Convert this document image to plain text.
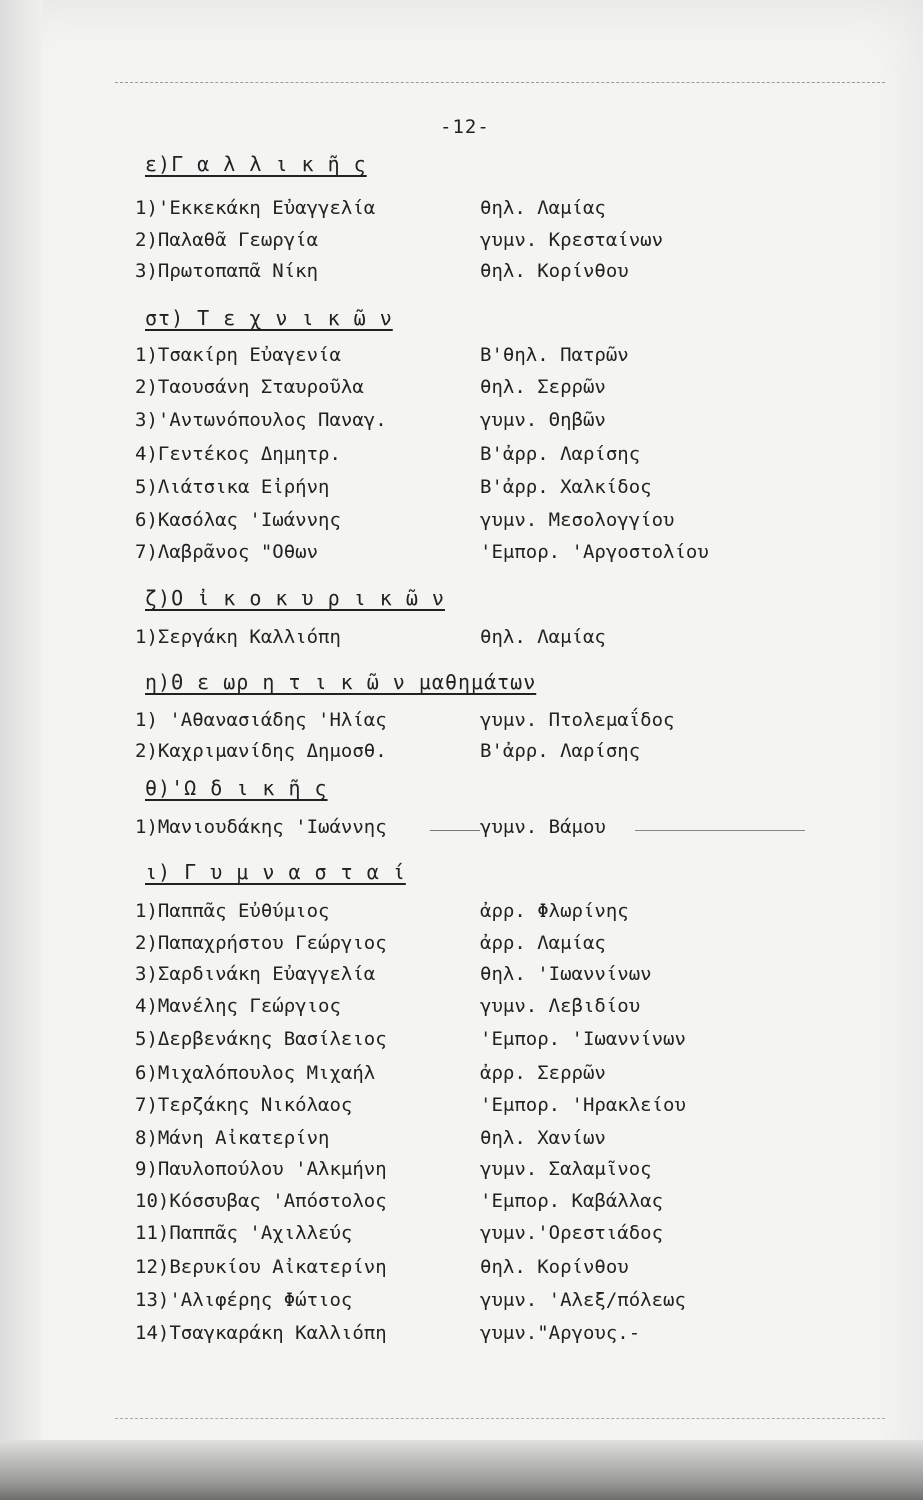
-12-
ε)Γ α λ λ ι κ ῆ ς
1)'Εκκεκάκη Εὐαγγελία	θηλ. Λαμίας
2)Παλαθᾶ Γεωργία	γυμν. Κρεσταίνων
3)Πρωτοπαπᾶ Νίκη	θηλ. Κορίνθου
στ) Τ ε χ ν ι κ ῶ ν
1)Τσακίρη Εὐαγενία	Β'θηλ. Πατρῶν
2)Ταουσάνη Σταυροῦλα	θηλ. Σερρῶν
3)'Αντωνόπουλος Παναγ.	γυμν. Θηβῶν
4)Γεντέκος Δημητρ.	Β'ἀρρ. Λαρίσης
5)Λιάτσικα Εἰρήνη	Β'ἀρρ. Χαλκίδος
6)Κασόλας 'Ιωάννης	γυμν. Μεσολογγίου
7)Λαβρᾶνος "Οθων	'Εμπορ. 'Αργοστολίου
ζ)Ο ἰ κ ο κ υ ρ ι κ ῶ ν
1)Σεργάκη Καλλιόπη	θηλ. Λαμίας
η)Θ ε ωρ η τ ι κ ῶ ν μαθημάτων
1) 'Αθανασιάδης 'Ηλίας	γυμν. Πτολεμαΐδος
2)Καχριμανίδης Δημοσθ.	Β'ἀρρ. Λαρίσης
θ)'Ω δ ι κ ῆ ς
1)Μανιουδάκης 'Ιωάννης	γυμν. Βάμου
ι) Γ υ μ ν α σ τ α ί
1)Παππᾶς Εὐθύμιος	ἀρρ. Φλωρίνης
2)Παπαχρήστου Γεώργιος	ἀρρ. Λαμίας
3)Σαρδινάκη Εὐαγγελία	θηλ. 'Ιωαννίνων
4)Μανέλης Γεώργιος	γυμν. Λεβιδίου
5)Δερβενάκης Βασίλειος	'Εμπορ. 'Ιωαννίνων
6)Μιχαλόπουλος Μιχαήλ	ἀρρ. Σερρῶν
7)Τερζάκης Νικόλαος	'Εμπορ. 'Ηρακλείου
8)Μάνη Αἰκατερίνη	θηλ. Χανίων
9)Παυλοπούλου 'Αλκμήνη	γυμν. Σαλαμῖνος
10)Κόσσυβας 'Απόστολος	'Εμπορ. Καβάλλας
11)Παππᾶς 'Αχιλλεύς	γυμν.'Ορεστιάδος
12)Βερυκίου Αἰκατερίνη	θηλ. Κορίνθου
13)'Αλιφέρης Φώτιος	γυμν. 'Αλεξ/πόλεως
14)Τσαγκαράκη Καλλιόπη	γυμν."Αργους.-
